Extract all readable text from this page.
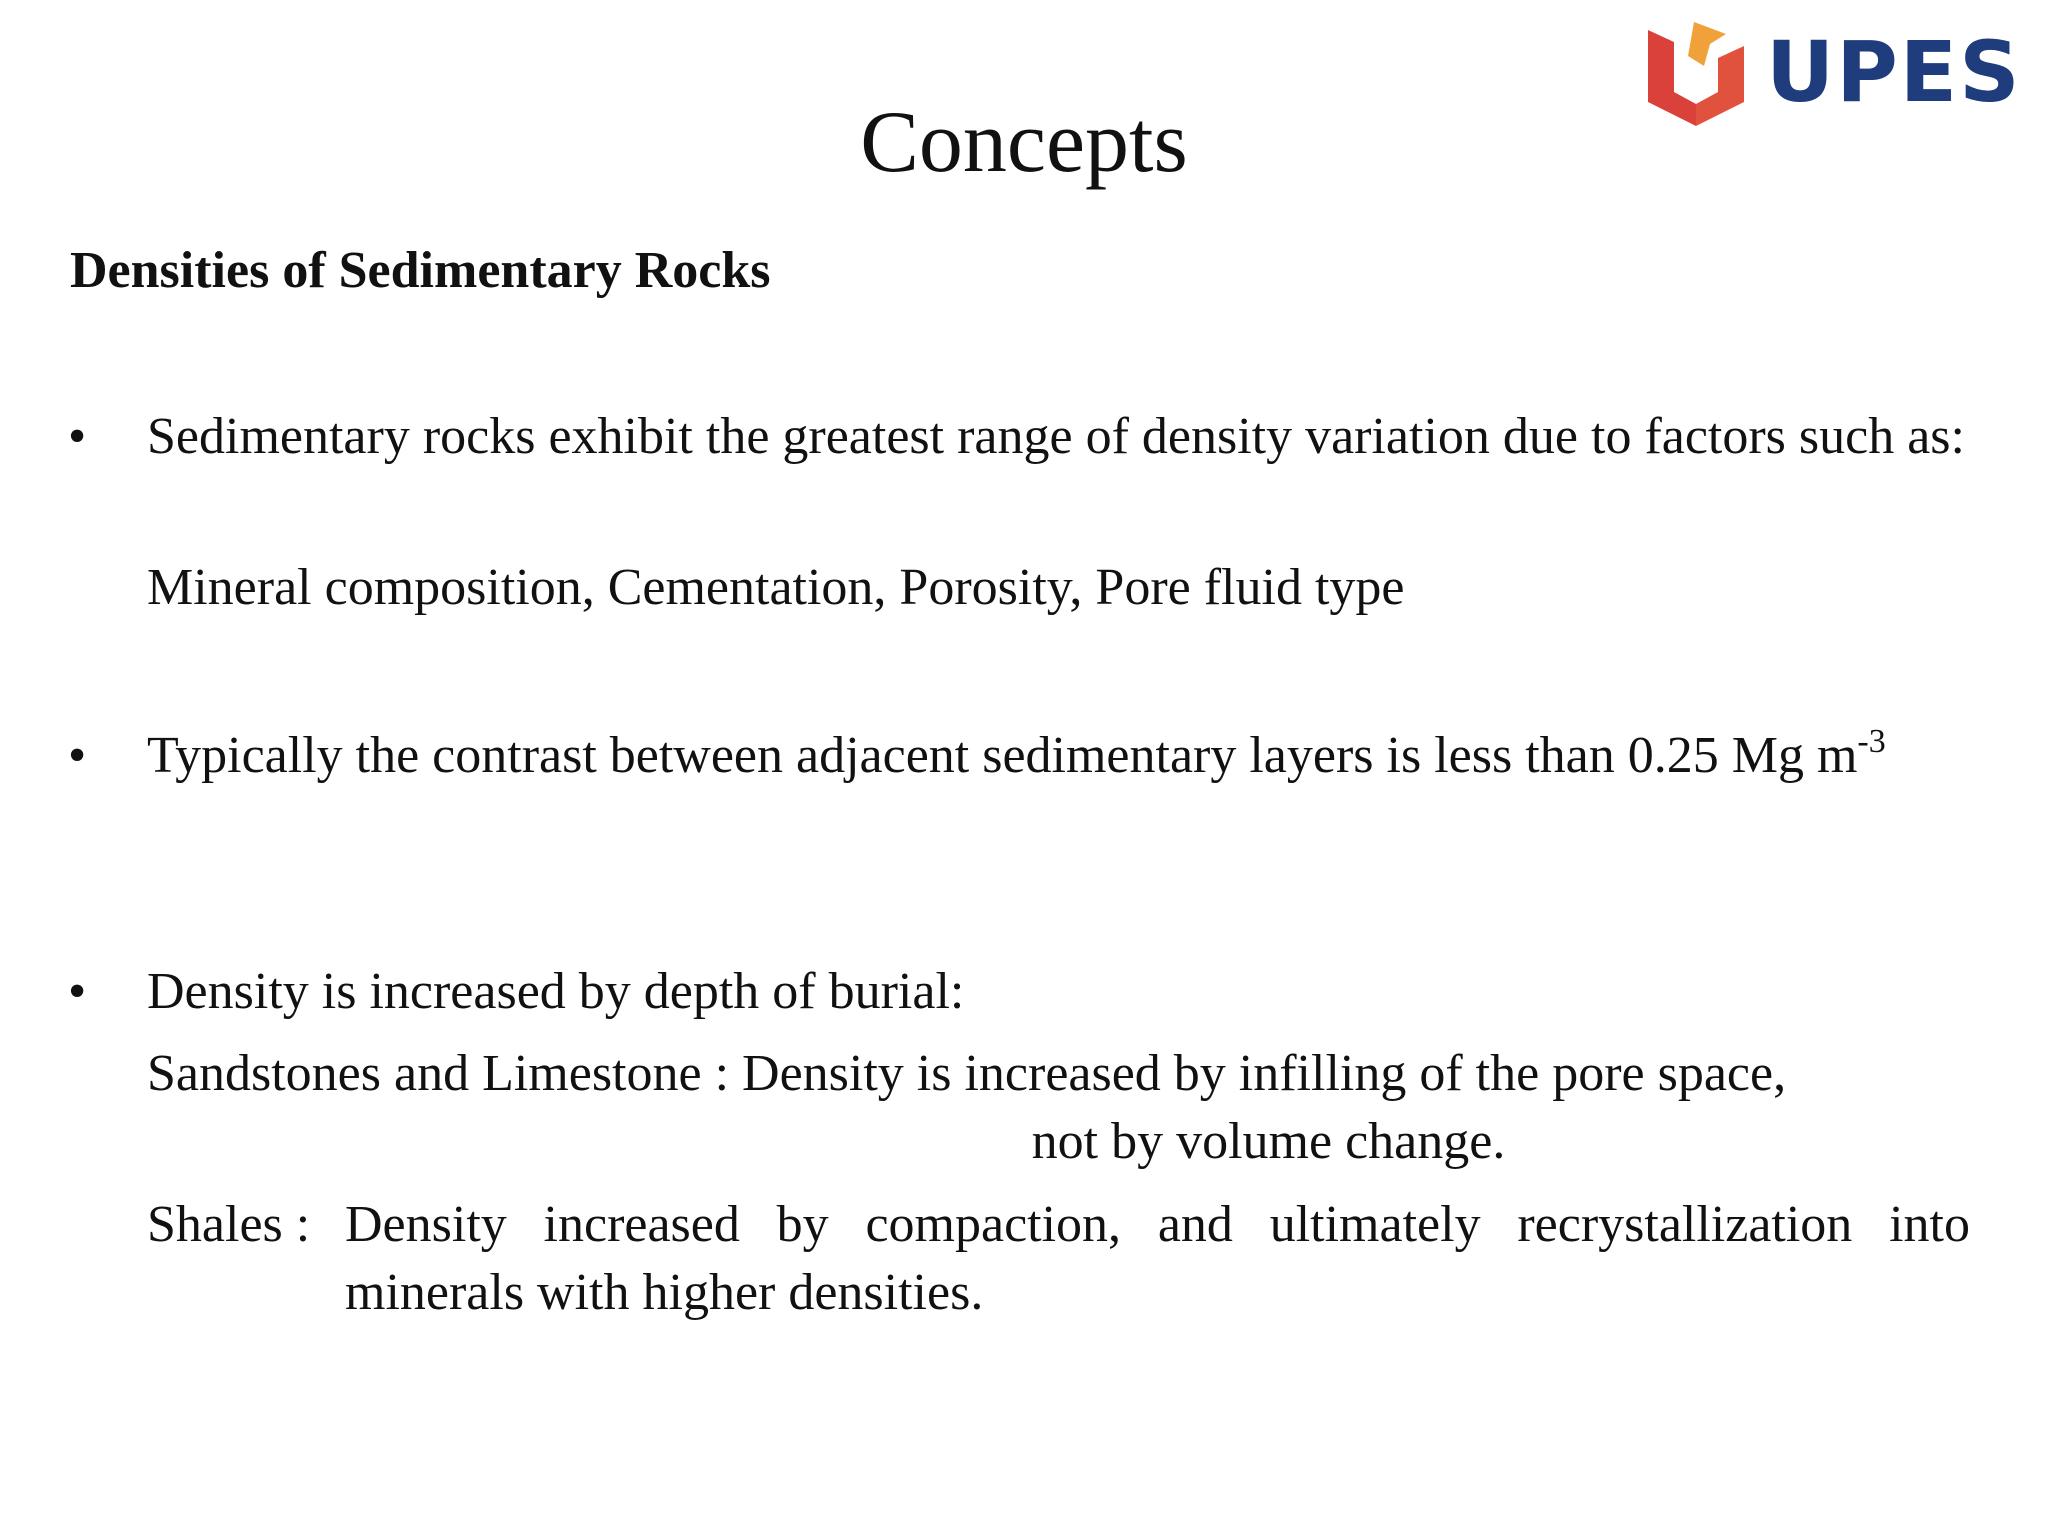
UPES
Concepts
Densities of Sedimentary Rocks
• Sedimentary rocks exhibit the greatest range of density variation due to factors such as:

Mineral composition, Cementation, Porosity, Pore fluid type

• Typically the contrast between adjacent sedimentary layers is less than 0.25 Mg $m^{-3}$

• Density is increased by depth of burial:

Sandstones and Limestone : Density is increased by infilling of the pore space,
not by volume change.
Shales : Density increased by compaction, and ultimately recrystallization into minerals with higher densities.
